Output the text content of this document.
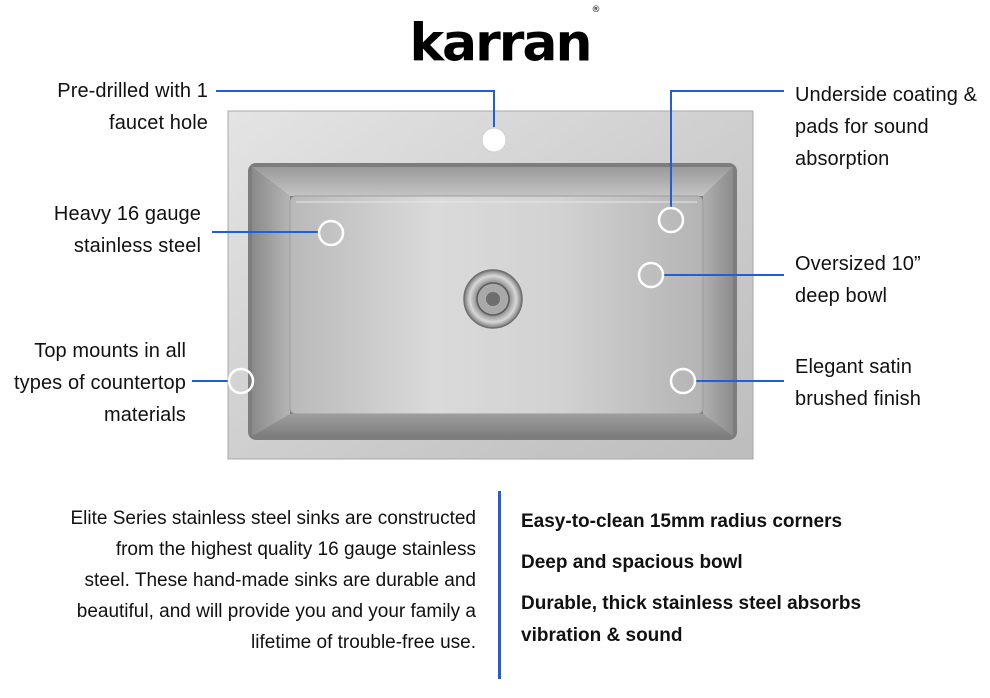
karran®
Pre-drilled with 1
faucet hole
Heavy 16 gauge
stainless steel
Top mounts in all
types of countertop
materials
Underside coating &
pads for sound
absorption
Oversized 10”
deep bowl
Elegant satin
brushed finish
Elite Series stainless steel sinks are constructed
from the highest quality 16 gauge stainless
steel. These hand-made sinks are durable and
beautiful, and will provide you and your family a
lifetime of trouble-free use.
Easy-to-clean 15mm radius corners
Deep and spacious bowl
Durable, thick stainless steel absorbs
vibration & sound
